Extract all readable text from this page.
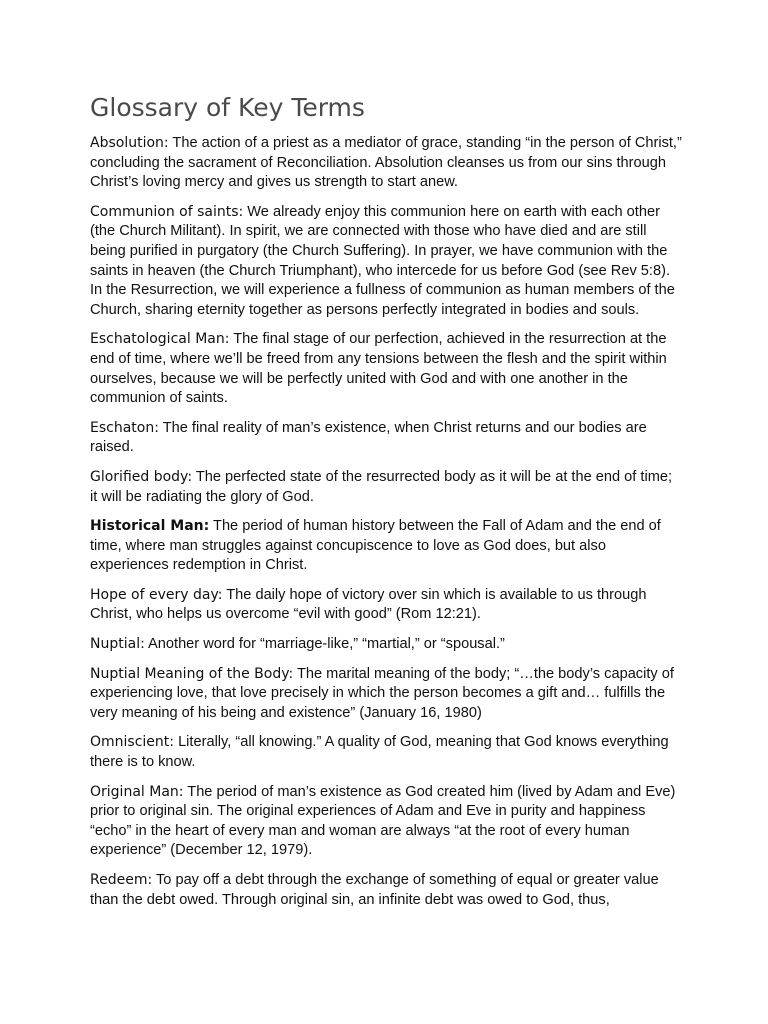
Glossary of Key Terms

Absolution: The action of a priest as a mediator of grace, standing “in the person of Christ,” concluding the sacrament of Reconciliation. Absolution cleanses us from our sins through Christ’s loving mercy and gives us strength to start anew.

Communion of saints: We already enjoy this communion here on earth with each other (the Church Militant). In spirit, we are connected with those who have died and are still being purified in purgatory (the Church Suffering). In prayer, we have communion with the saints in heaven (the Church Triumphant), who intercede for us before God (see Rev 5:8). In the Resurrection, we will experience a fullness of communion as human members of the Church, sharing eternity together as persons perfectly integrated in bodies and souls.

Eschatological Man: The final stage of our perfection, achieved in the resurrection at the end of time, where we’ll be freed from any tensions between the flesh and the spirit within ourselves, because we will be perfectly united with God and with one another in the communion of saints.

Eschaton: The final reality of man’s existence, when Christ returns and our bodies are raised.

Glorified body: The perfected state of the resurrected body as it will be at the end of time; it will be radiating the glory of God.

Historical Man: The period of human history between the Fall of Adam and the end of time, where man struggles against concupiscence to love as God does, but also experiences redemption in Christ.

Hope of every day: The daily hope of victory over sin which is available to us through Christ, who helps us overcome “evil with good” (Rom 12:21).

Nuptial: Another word for “marriage-like,” “martial,” or “spousal.”

Nuptial Meaning of the Body: The marital meaning of the body; “…the body’s capacity of experiencing love, that love precisely in which the person becomes a gift and… fulfills the very meaning of his being and existence” (January 16, 1980)

Omniscient: Literally, “all knowing.” A quality of God, meaning that God knows everything there is to know.

Original Man: The period of man’s existence as God created him (lived by Adam and Eve) prior to original sin. The original experiences of Adam and Eve in purity and happiness “echo” in the heart of every man and woman are always “at the root of every human experience” (December 12, 1979).

Redeem: To pay off a debt through the exchange of something of equal or greater value than the debt owed. Through original sin, an infinite debt was owed to God, thus,
